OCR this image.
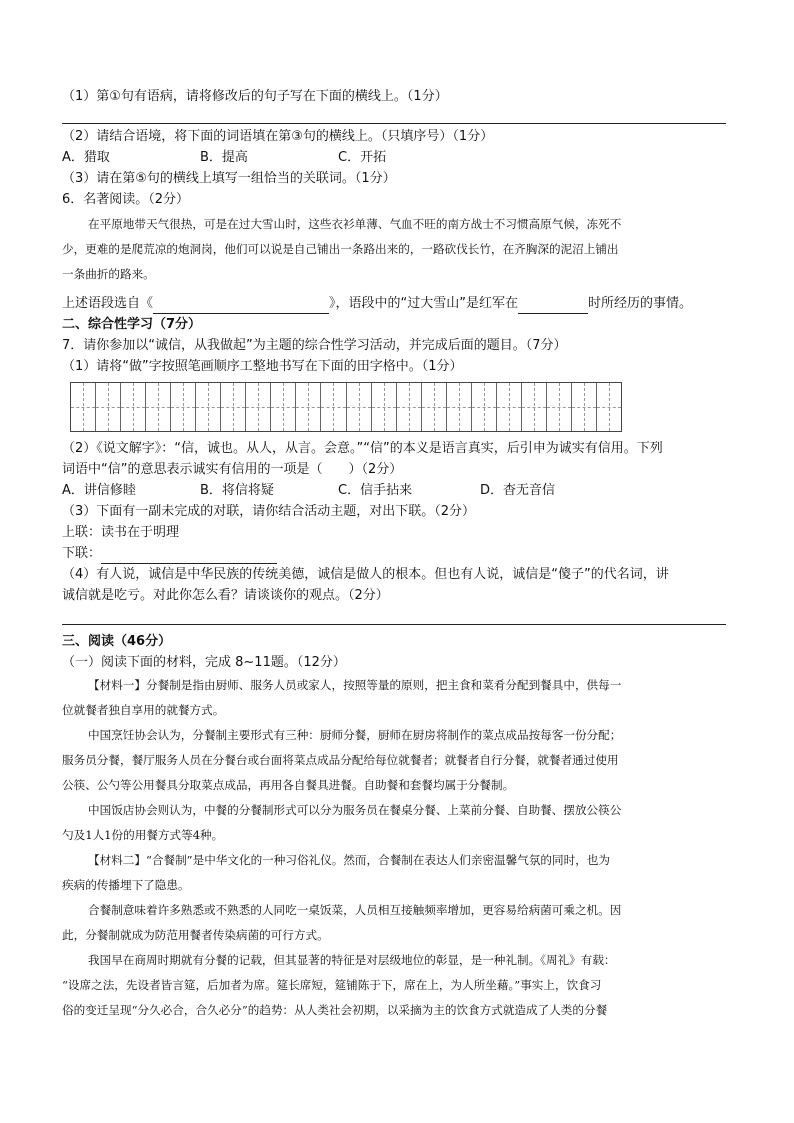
（1）第①句有语病，请将修改后的句子写在下面的横线上。（1分）
（2）请结合语境，将下面的词语填在第③句的横线上。（只填序号）（1分）
A．猎取	B．提高	C．开拓
（3）请在第⑤句的横线上填写一组恰当的关联词。（1分）
6．名著阅读。（2分）
在平原地带天气很热，可是在过大雪山时，这些衣衫单薄、气血不旺的南方战士不习惯高原气候，冻死不
少，更难的是爬荒凉的炮洞岗，他们可以说是自己铺出一条路出来的，一路砍伐长竹，在齐胸深的泥沼上铺出
一条曲折的路来。
上述语段选自《	》，语段中的“过大雪山”是红军在	时所经历的事情。
二、综合性学习（7分）
7．请你参加以“诚信，从我做起”为主题的综合性学习活动，并完成后面的题目。（7分）
（1）请将“做”字按照笔画顺序工整地书写在下面的田字格中。（1分）
（2）《说文解字》：“信，诚也。从人，从言。会意。”“信”的本义是语言真实，后引申为诚实有信用。下列
词语中“信”的意思表示诚实有信用的一项是（　　）（2分）
A．讲信修睦	B．将信将疑	C．信手拈来	D．杳无音信
（3）下面有一副未完成的对联，请你结合活动主题，对出下联。（2分）
上联：读书在于明理
下联：
（4）有人说，诚信是中华民族的传统美德，诚信是做人的根本。但也有人说，诚信是“傻子”的代名词，讲
诚信就是吃亏。对此你怎么看？请谈谈你的观点。（2分）
三、阅读（46分）
（一）阅读下面的材料，完成 8~11题。（12分）
【材料一】分餐制是指由厨师、服务人员或家人，按照等量的原则，把主食和菜肴分配到餐具中，供每一
位就餐者独自享用的就餐方式。
中国烹饪协会认为，分餐制主要形式有三种：厨师分餐，厨师在厨房将制作的菜点成品按每客一份分配；
服务员分餐，餐厅服务人员在分餐台或台面将菜点成品分配给每位就餐者；就餐者自行分餐，就餐者通过使用
公筷、公勺等公用餐具分取菜点成品，再用各自餐具进餐。自助餐和套餐均属于分餐制。
中国饭店协会则认为，中餐的分餐制形式可以分为服务员在餐桌分餐、上菜前分餐、自助餐、摆放公筷公
勺及1人1份的用餐方式等4种。
【材料二】“合餐制”是中华文化的一种习俗礼仪。然而，合餐制在表达人们亲密温馨气氛的同时，也为
疾病的传播埋下了隐患。
合餐制意味着许多熟悉或不熟悉的人同吃一桌饭菜，人员相互接触频率增加，更容易给病菌可乘之机。因
此，分餐制就成为防范用餐者传染病菌的可行方式。
我国早在商周时期就有分餐的记载，但其显著的特征是对层级地位的彰显，是一种礼制。《周礼》有载：
“设席之法，先设者皆言筵，后加者为席。筵长席短，筵铺陈于下，席在上，为人所坐藉。”事实上，饮食习
俗的变迁呈现“分久必合，合久必分”的趋势：从人类社会初期，以采摘为主的饮食方式就造成了人类的分餐
